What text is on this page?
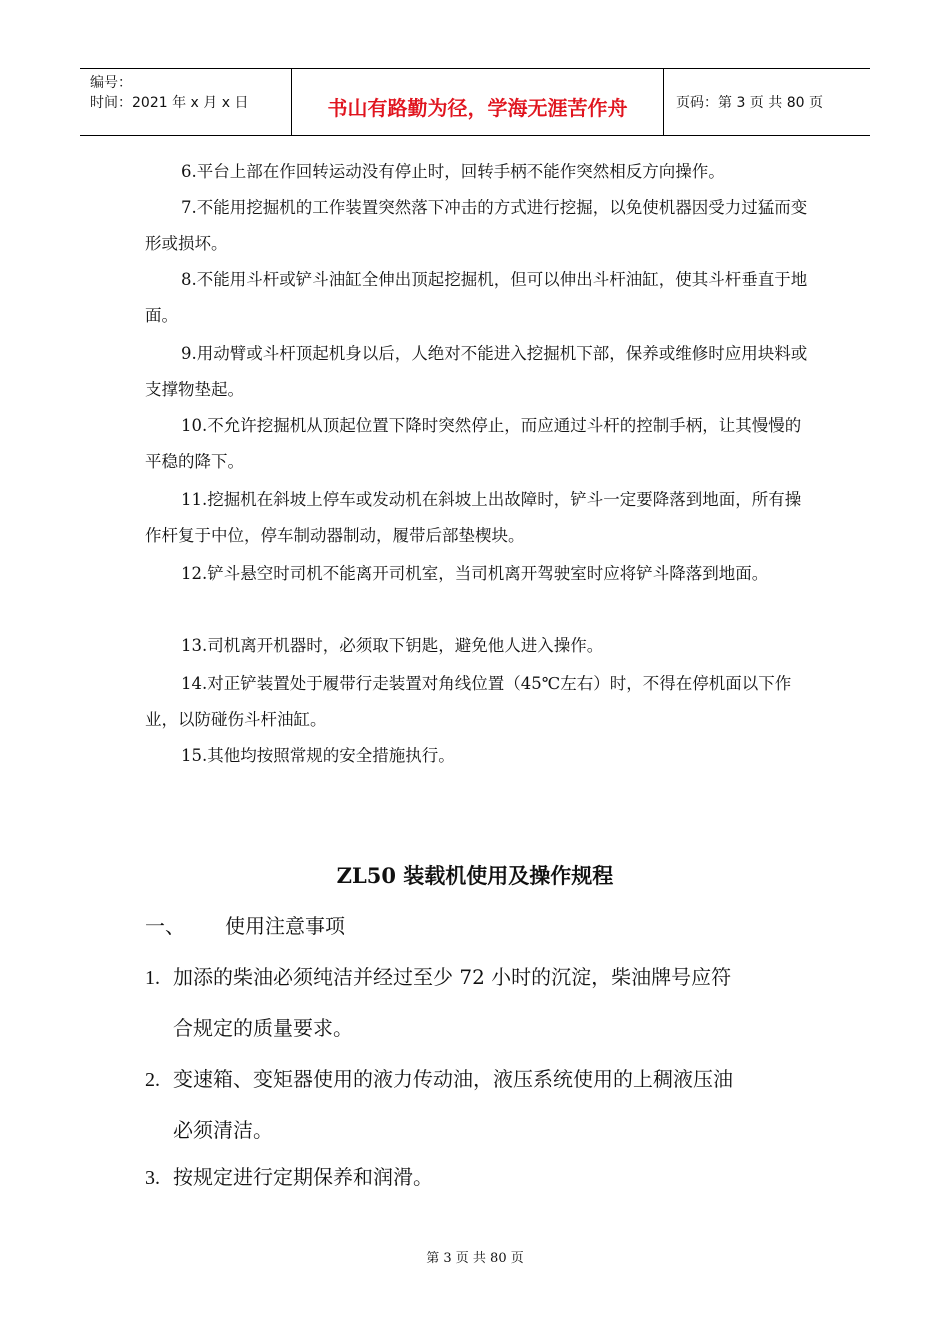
编号：
时间：2021 年 x 月 x 日	书山有路勤为径，学海无涯苦作舟	页码：第 3 页 共 80 页

6.平台上部在作回转运动没有停止时，回转手柄不能作突然相反方向操作。

7.不能用挖掘机的工作装置突然落下冲击的方式进行挖掘，以免使机器因受力过猛而变形或损坏。

8.不能用斗杆或铲斗油缸全伸出顶起挖掘机，但可以伸出斗杆油缸，使其斗杆垂直于地面。

9.用动臂或斗杆顶起机身以后，人绝对不能进入挖掘机下部，保养或维修时应用块料或支撑物垫起。

10.不允许挖掘机从顶起位置下降时突然停止，而应通过斗杆的控制手柄，让其慢慢的平稳的降下。

11.挖掘机在斜坡上停车或发动机在斜坡上出故障时，铲斗一定要降落到地面，所有操作杆复于中位，停车制动器制动，履带后部垫楔块。

12.铲斗悬空时司机不能离开司机室，当司机离开驾驶室时应将铲斗降落到地面。

13.司机离开机器时，必须取下钥匙，避免他人进入操作。

14.对正铲装置处于履带行走装置对角线位置（45℃左右）时，不得在停机面以下作业，以防碰伤斗杆油缸。

15.其他均按照常规的安全措施执行。

ZL50 装载机使用及操作规程

一、 使用注意事项

1. 加添的柴油必须纯洁并经过至少 72 小时的沉淀，柴油牌号应符
合规定的质量要求。

2. 变速箱、变矩器使用的液力传动油，液压系统使用的上稠液压油
必须清洁。

3. 按规定进行定期保养和润滑。

第 3 页 共 80 页
